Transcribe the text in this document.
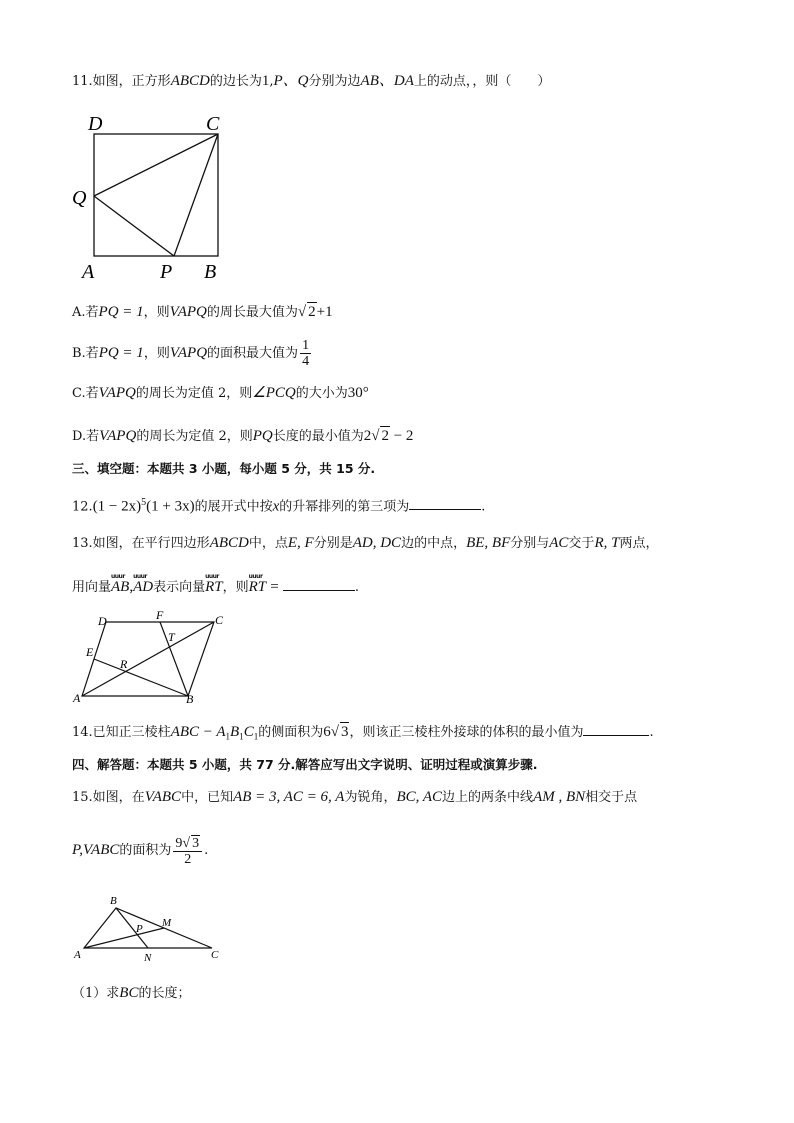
11.如图，正方形ABCD的边长为1,P、Q分别为边AB、DA上的动点，，则（　　）
D	C
Q
A	P B
A.若PQ = 1，则VAPQ的周长最大值为√ 2+1
B.若PQ = 1，则VAPQ的面积最大值为 $\frac{1}{4}$
C.若VAPQ的周长为定值 2，则∠PCQ的大小为30°
D.若VAPQ的周长为定值 2，则PQ长度的最小值为2√ 2 − 2
三、填空题：本题共 3 小题，每小题 5 分，共 15 分.
$12.(1 - 2x)^5(1 + 3x)$的展开式中按x的升幂排列的第三项为	.
13.如图，在平行四边形ABCD中，点E, F分别是AD, DC边的中点，BE, BF分别与AC交于R, T两点，
用向量uuur AB,uuur AD表示向量uuur RT，则uuur RT =	.
D	F	C
T
E
R
A	B
14.已知正三棱柱ABC − $A_1B_1C_1$的侧面积为6√ 3，则该正三棱柱外接球的体积的最小值为	.
四、解答题：本题共 5 小题，共 77 分.解答应写出文字说明、证明过程或演算步骤.
15.如图，在VABC中，已知AB = 3, AC = 6, A为锐角，BC, AC边上的两条中线AM , BN相交于点
P,VABC的面积为 $\frac{9√ 3}{2}$ .
B
M
P
A	N	C
（1）求BC的长度；
